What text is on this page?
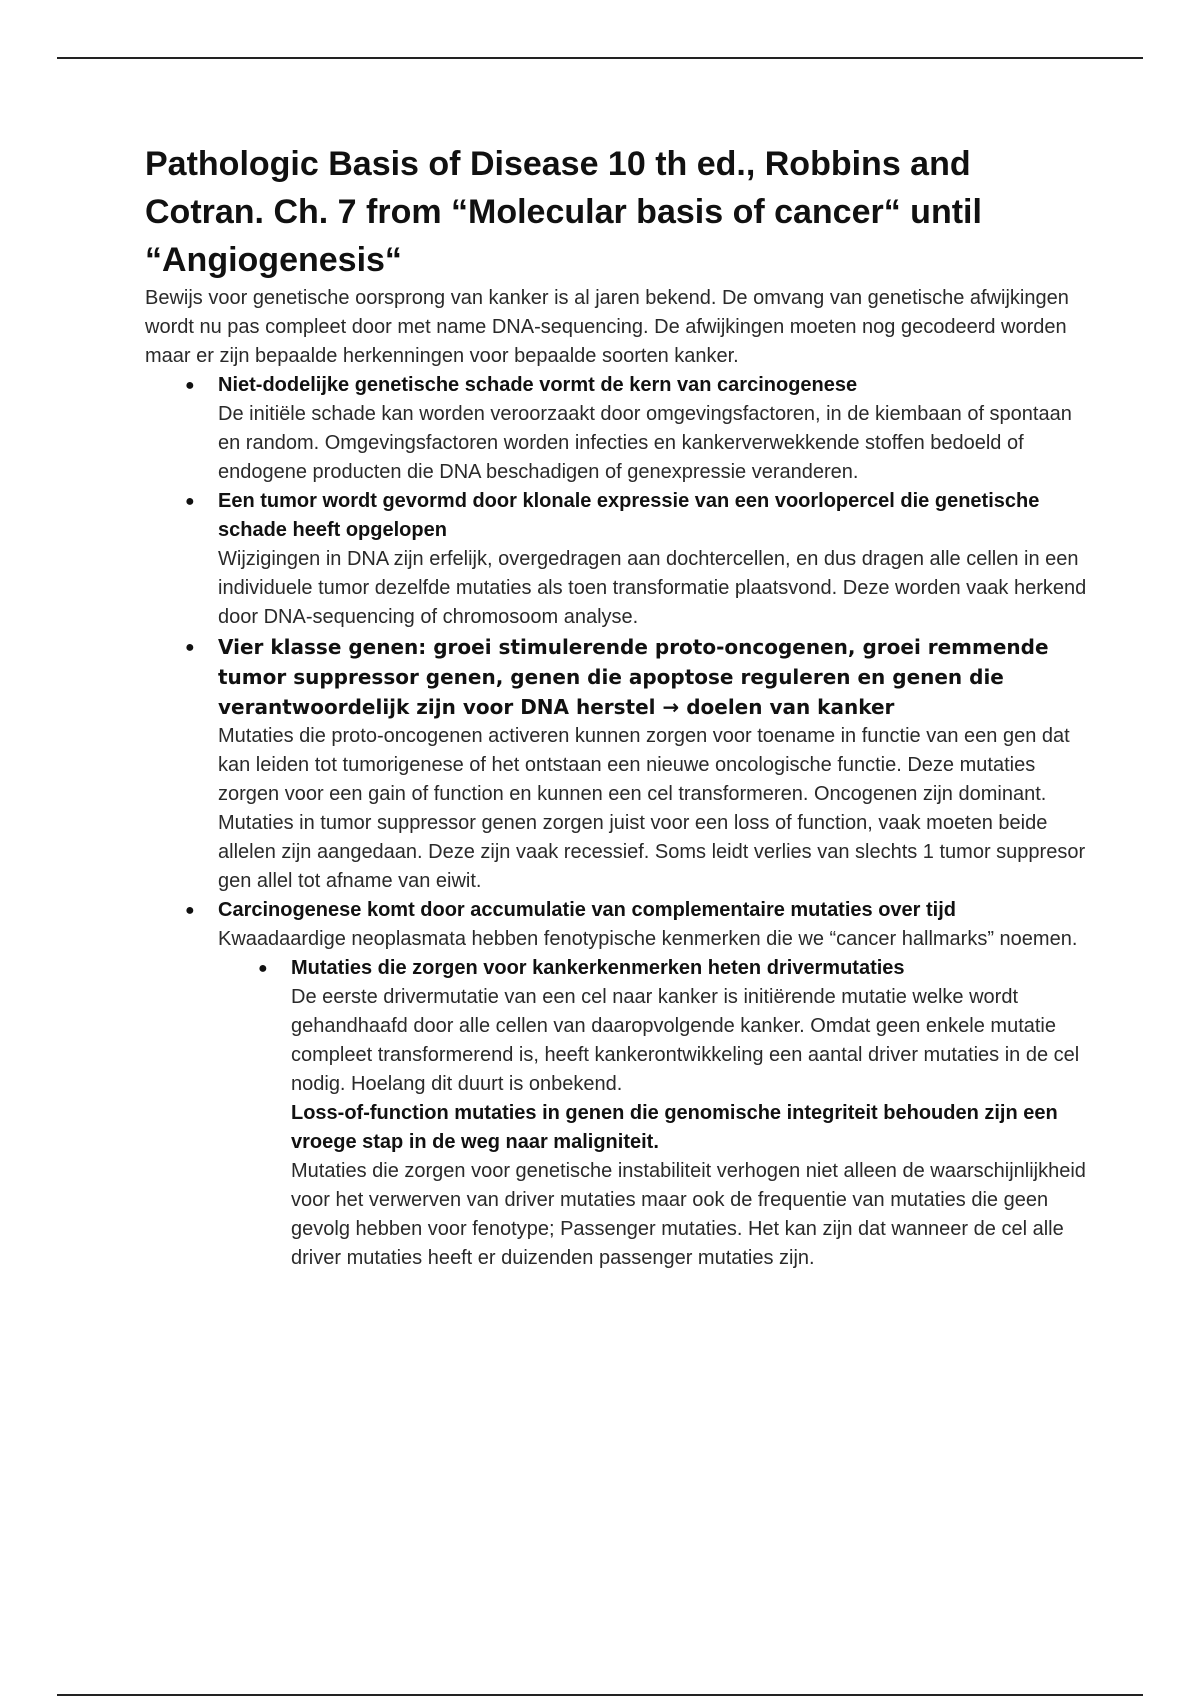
Pathologic Basis of Disease 10 th ed., Robbins and Cotran. Ch. 7 from “Molecular basis of cancer“ until “Angiogenesis“

Bewijs voor genetische oorsprong van kanker is al jaren bekend. De omvang van genetische afwijkingen wordt nu pas compleet door met name DNA-sequencing. De afwijkingen moeten nog gecodeerd worden maar er zijn bepaalde herkenningen voor bepaalde soorten kanker.

● Niet-dodelijke genetische schade vormt de kern van carcinogenese

De initiële schade kan worden veroorzaakt door omgevingsfactoren, in de kiembaan of spontaan en random. Omgevingsfactoren worden infecties en kankerverwekkende stoffen bedoeld of endogene producten die DNA beschadigen of genexpressie veranderen.

● Een tumor wordt gevormd door klonale expressie van een voorlopercel die genetische schade heeft opgelopen

Wijzigingen in DNA zijn erfelijk, overgedragen aan dochtercellen, en dus dragen alle cellen in een individuele tumor dezelfde mutaties als toen transformatie plaatsvond. Deze worden vaak herkend door DNA-sequencing of chromosoom analyse.

● Vier klasse genen: groei stimulerende proto-oncogenen, groei remmende tumor suppressor genen, genen die apoptose reguleren en genen die verantwoordelijk zijn voor DNA herstel → doelen van kanker

Mutaties die proto-oncogenen activeren kunnen zorgen voor toename in functie van een gen dat kan leiden tot tumorigenese of het ontstaan een nieuwe oncologische functie. Deze mutaties zorgen voor een gain of function en kunnen een cel transformeren. Oncogenen zijn dominant. Mutaties in tumor suppressor genen zorgen juist voor een loss of function, vaak moeten beide allelen zijn aangedaan. Deze zijn vaak recessief. Soms leidt verlies van slechts 1 tumor suppresor gen allel tot afname van eiwit.

● Carcinogenese komt door accumulatie van complementaire mutaties over tijd

Kwaadaardige neoplasmata hebben fenotypische kenmerken die we “cancer hallmarks” noemen.

● Mutaties die zorgen voor kankerkenmerken heten drivermutaties

De eerste drivermutatie van een cel naar kanker is initiërende mutatie welke wordt gehandhaafd door alle cellen van daaropvolgende kanker. Omdat geen enkele mutatie compleet transformerend is, heeft kankerontwikkeling een aantal driver mutaties in de cel nodig. Hoelang dit duurt is onbekend.

Loss-of-function mutaties in genen die genomische integriteit behouden zijn een vroege stap in de weg naar maligniteit.

Mutaties die zorgen voor genetische instabiliteit verhogen niet alleen de waarschijnlijkheid voor het verwerven van driver mutaties maar ook de frequentie van mutaties die geen gevolg hebben voor fenotype; Passenger mutaties. Het kan zijn dat wanneer de cel alle driver mutaties heeft er duizenden passenger mutaties zijn.
